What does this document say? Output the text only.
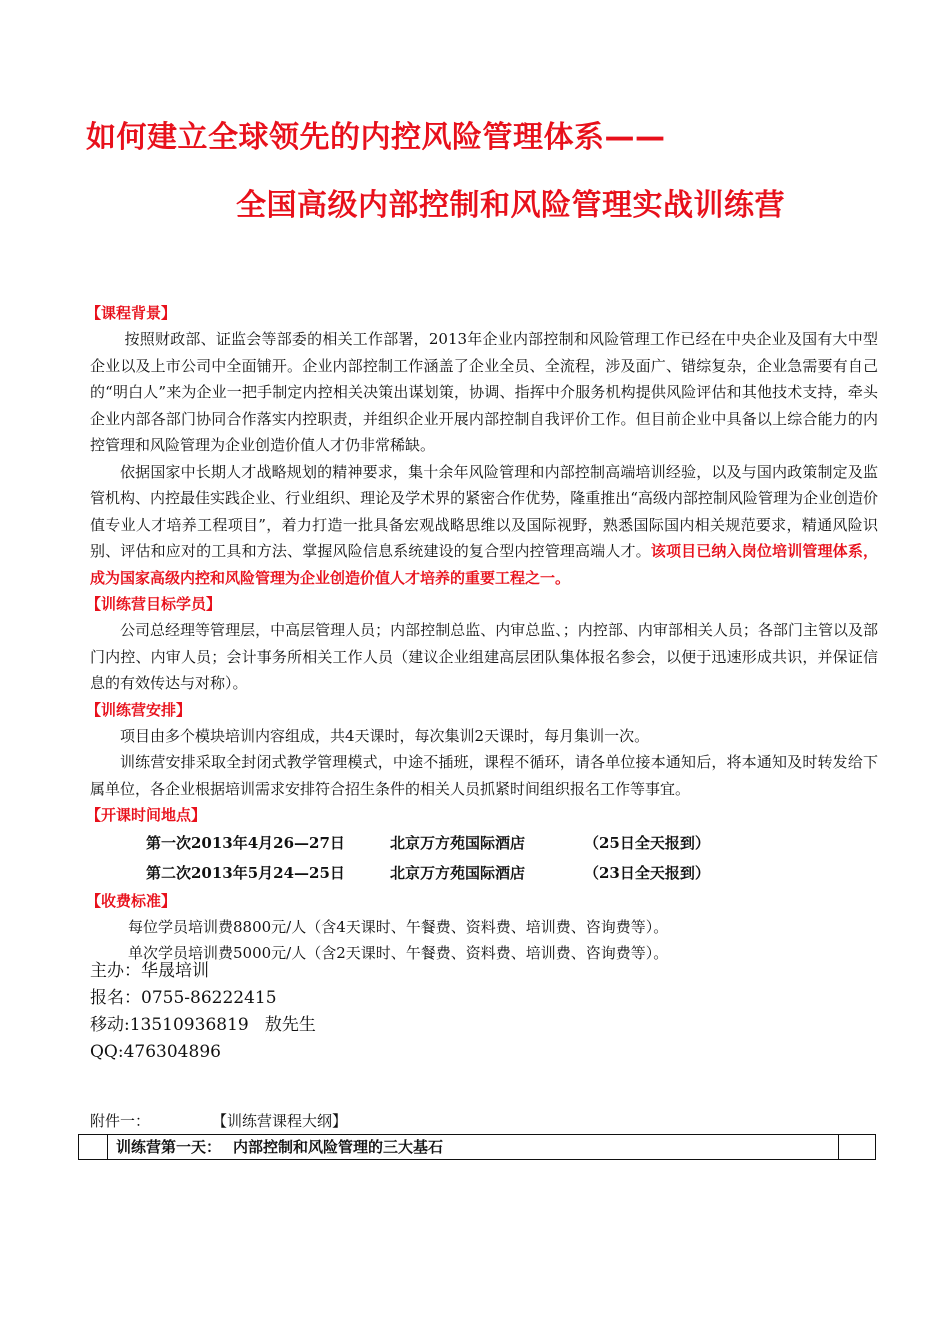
如何建立全球领先的内控风险管理体系——
全国高级内部控制和风险管理实战训练营
【课程背景】

按照财政部、证监会等部委的相关工作部署，2013年企业内部控制和风险管理工作已经在中央企业及国有大中型企业以及上市公司中全面铺开。企业内部控制工作涵盖了企业全员、全流程，涉及面广、错综复杂，企业急需要有自己的“明白人”来为企业一把手制定内控相关决策出谋划策，协调、指挥中介服务机构提供风险评估和其他技术支持，牵头企业内部各部门协同合作落实内控职责，并组织企业开展内部控制自我评价工作。但目前企业中具备以上综合能力的内控管理和风险管理为企业创造价值人才仍非常稀缺。

依据国家中长期人才战略规划的精神要求，集十余年风险管理和内部控制高端培训经验，以及与国内政策制定及监管机构、内控最佳实践企业、行业组织、理论及学术界的紧密合作优势，隆重推出“高级内部控制风险管理为企业创造价值专业人才培养工程项目”，着力打造一批具备宏观战略思维以及国际视野，熟悉国际国内相关规范要求，精通风险识别、评估和应对的工具和方法、掌握风险信息系统建设的复合型内控管理高端人才。该项目已纳入岗位培训管理体系，成为国家高级内控和风险管理为企业创造价值人才培养的重要工程之一。

【训练营目标学员】

公司总经理等管理层，中高层管理人员；内部控制总监、内审总监、；内控部、内审部相关人员；各部门主管以及部门内控、内审人员；会计事务所相关工作人员（建议企业组建高层团队集体报名参会，以便于迅速形成共识，并保证信息的有效传达与对称）。

【训练营安排】

项目由多个模块培训内容组成，共4天课时，每次集训2天课时，每月集训一次。

训练营安排采取全封闭式教学管理模式，中途不插班，课程不循环，请各单位接本通知后，将本通知及时转发给下属单位，各企业根据培训需求安排符合招生条件的相关人员抓紧时间组织报名工作等事宜。

【开课时间地点】
第一次2013年4月26—27日	北京万方苑国际酒店	（25日全天报到）
第二次2013年5月24—25日	北京万方苑国际酒店	（23日全天报到）
【收费标准】
每位学员培训费8800元/人（含4天课时、午餐费、资料费、培训费、咨询费等）。
单次学员培训费5000元/人（含2天课时、午餐费、资料费、培训费、咨询费等）。
主办：华晟培训
报名：0755-86222415
移动:13510936819   敖先生
QQ:476304896
附件一：	【训练营课程大纲】
训练营第一天： 内部控制和风险管理的三大基石
